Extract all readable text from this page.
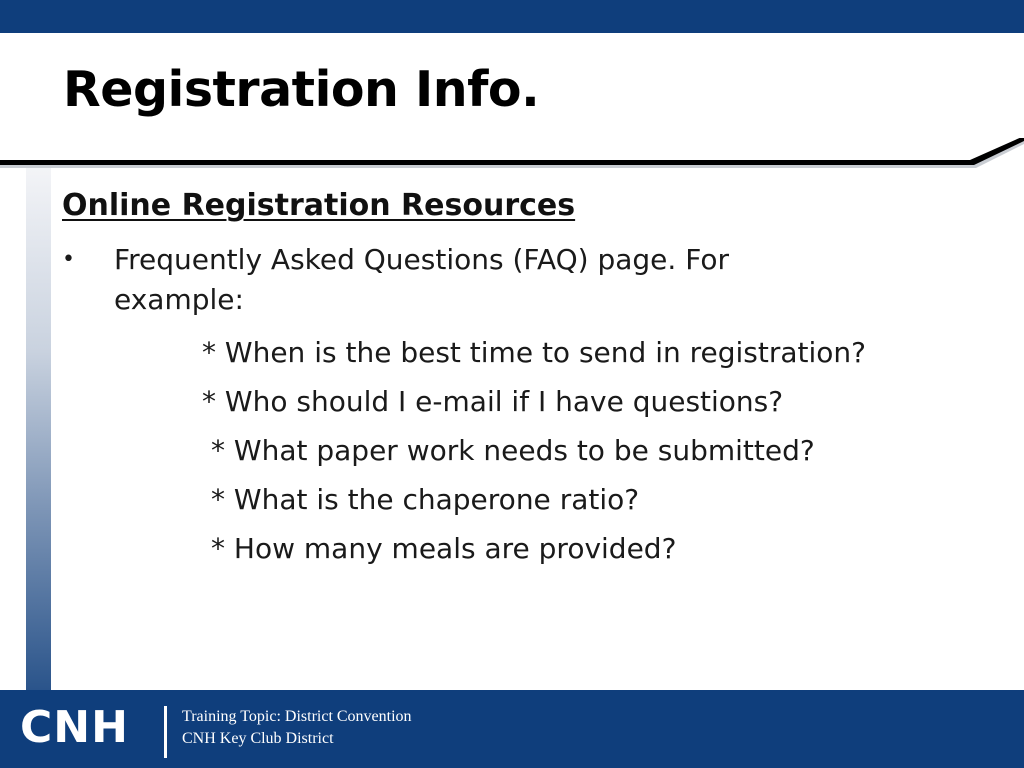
Registration Info.
Online Registration Resources
• Frequently Asked Questions (FAQ) page. For example:
* When is the best time to send in registration?
* Who should I e-mail if I have questions?
* What paper work needs to be submitted?
* What is the chaperone ratio?
* How many meals are provided?
CNH	Training Topic: District Convention
CNH Key Club District
